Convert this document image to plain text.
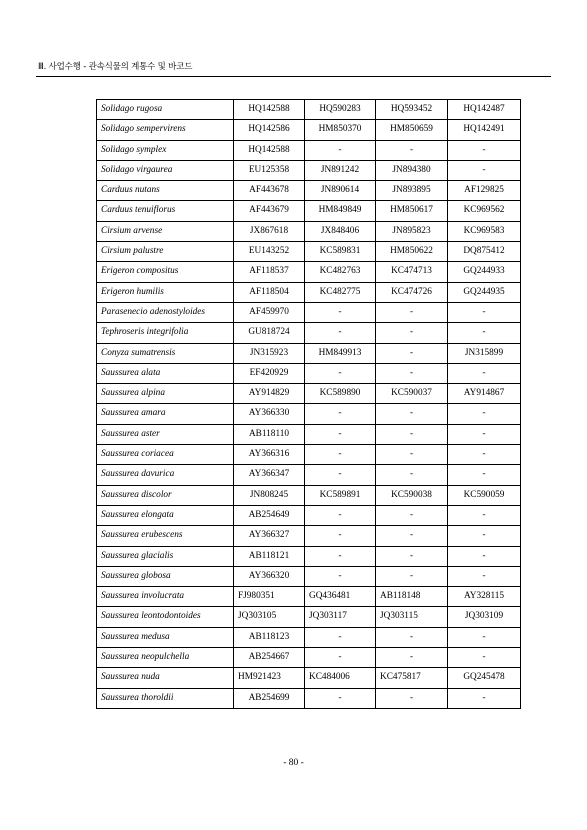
Ⅲ. 사업수행 - 관속식물의 계통수 및 바코드
Solidago rugosa	HQ142588	HQ590283	HQ593452	HQ142487
Solidago sempervirens	HQ142586	HM850370	HM850659	HQ142491
Solidago symplex	HQ142588	-	-	-
Solidago virgaurea	EU125358	JN891242	JN894380	-
Carduus nutans	AF443678	JN890614	JN893895	AF129825
Carduus tenuiflorus	AF443679	HM849849	HM850617	KC969562
Cirsium arvense	JX867618	JX848406	JN895823	KC969583
Cirsium palustre	EU143252	KC589831	HM850622	DQ875412
Erigeron compositus	AF118537	KC482763	KC474713	GQ244933
Erigeron humilis	AF118504	KC482775	KC474726	GQ244935
Parasenecio adenostyloides	AF459970	-	-	-
Tephroseris integrifolia	GU818724	-	-	-
Conyza sumatrensis	JN315923	HM849913	-	JN315899
Saussurea alata	EF420929	-	-	-
Saussurea alpina	AY914829	KC589890	KC590037	AY914867
Saussurea amara	AY366330	-	-	-
Saussurea aster	AB118110	-	-	-
Saussurea coriacea	AY366316	-	-	-
Saussurea davurica	AY366347	-	-	-
Saussurea discolor	JN808245	KC589891	KC590038	KC590059
Saussurea elongata	AB254649	-	-	-
Saussurea erubescens	AY366327	-	-	-
Saussurea glacialis	AB118121	-	-	-
Saussurea globosa	AY366320	-	-	-
Saussurea involucrata	FJ980351	GQ436481	AB118148	AY328115
Saussurea leontodontoides	JQ303105	JQ303117	JQ303115	JQ303109
Saussurea medusa	AB118123	-	-	-
Saussurea neopulchella	AB254667	-	-	-
Saussurea nuda	HM921423	KC484006	KC475817	GQ245478
Saussurea thoroldii	AB254699	-	-	-
- 80 -
